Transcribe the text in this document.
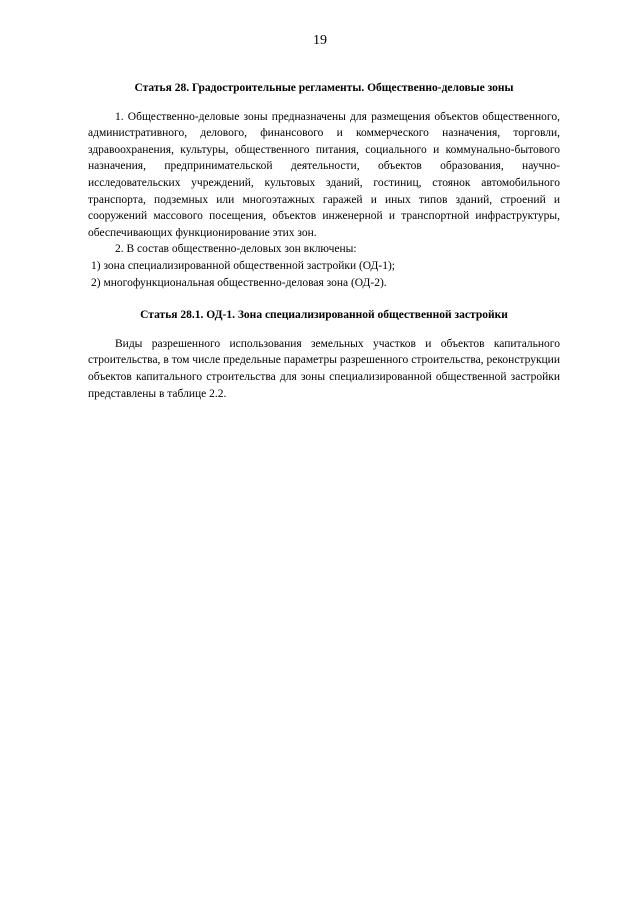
19

Статья 28. Градостроительные регламенты. Общественно-деловые зоны

1. Общественно-деловые зоны предназначены для размещения объектов общественного, административного, делового, финансового и коммерческого назначения, торговли, здравоохранения, культуры, общественного питания, социального и коммунально-бытового назначения, предпринимательской деятельности, объектов образования, научно-исследовательских учреждений, культовых зданий, гостиниц, стоянок автомобильного транспорта, подземных или многоэтажных гаражей и иных типов зданий, строений и сооружений массового посещения, объектов инженерной и транспортной инфраструктуры, обеспечивающих функционирование этих зон.

2. В состав общественно-деловых зон включены:

1) зона специализированной общественной застройки (ОД-1);

2) многофункциональная общественно-деловая зона (ОД-2).

Статья 28.1. ОД-1. Зона специализированной общественной застройки

Виды разрешенного использования земельных участков и объектов капитального строительства, в том числе предельные параметры разрешенного строительства, реконструкции объектов капитального строительства для зоны специализированной общественной застройки представлены в таблице 2.2.
